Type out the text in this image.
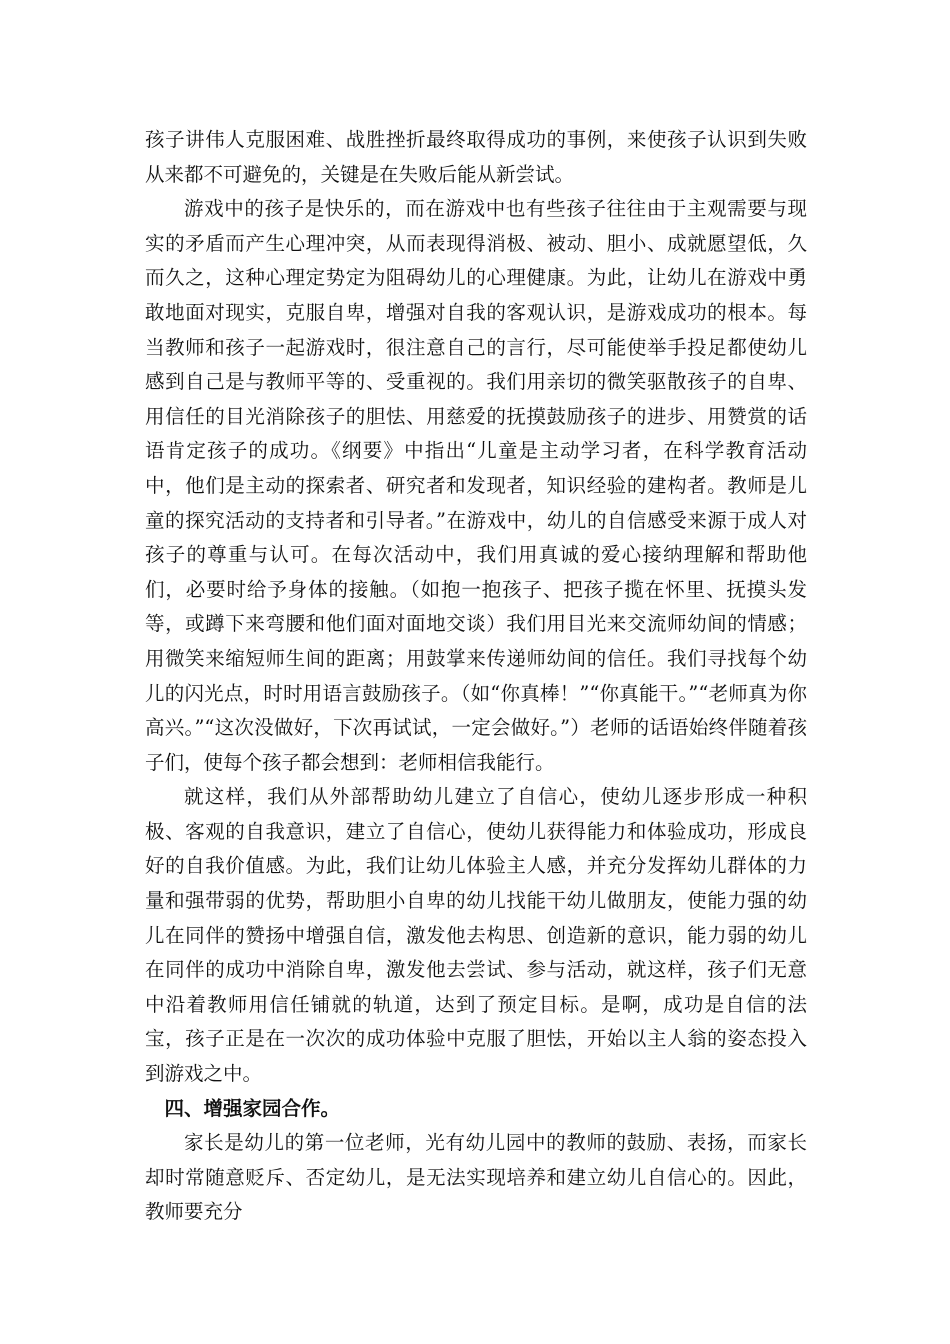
孩子讲伟人克服困难、战胜挫折最终取得成功的事例，来使孩子认识到失败从来都不可避免的，关键是在失败后能从新尝试。

游戏中的孩子是快乐的，而在游戏中也有些孩子往往由于主观需要与现实的矛盾而产生心理冲突，从而表现得消极、被动、胆小、成就愿望低，久而久之，这种心理定势定为阻碍幼儿的心理健康。为此，让幼儿在游戏中勇敢地面对现实，克服自卑，增强对自我的客观认识，是游戏成功的根本。每当教师和孩子一起游戏时，很注意自己的言行，尽可能使举手投足都使幼儿感到自己是与教师平等的、受重视的。我们用亲切的微笑驱散孩子的自卑、用信任的目光消除孩子的胆怯、用慈爱的抚摸鼓励孩子的进步、用赞赏的话语肯定孩子的成功。《纲要》中指出“儿童是主动学习者，在科学教育活动中，他们是主动的探索者、研究者和发现者，知识经验的建构者。教师是儿童的探究活动的支持者和引导者。”在游戏中，幼儿的自信感受来源于成人对孩子的尊重与认可。在每次活动中，我们用真诚的爱心接纳理解和帮助他们，必要时给予身体的接触。（如抱一抱孩子、把孩子揽在怀里、抚摸头发等，或蹲下来弯腰和他们面对面地交谈）我们用目光来交流师幼间的情感；用微笑来缩短师生间的距离；用鼓掌来传递师幼间的信任。我们寻找每个幼儿的闪光点，时时用语言鼓励孩子。（如“你真棒！”“你真能干。”“老师真为你高兴。”“这次没做好，下次再试试，一定会做好。”）老师的话语始终伴随着孩子们，使每个孩子都会想到：老师相信我能行。

就这样，我们从外部帮助幼儿建立了自信心，使幼儿逐步形成一种积极、客观的自我意识，建立了自信心，使幼儿获得能力和体验成功，形成良好的自我价值感。为此，我们让幼儿体验主人感，并充分发挥幼儿群体的力量和强带弱的优势，帮助胆小自卑的幼儿找能干幼儿做朋友，使能力强的幼儿在同伴的赞扬中增强自信，激发他去构思、创造新的意识，能力弱的幼儿在同伴的成功中消除自卑，激发他去尝试、参与活动，就这样，孩子们无意中沿着教师用信任铺就的轨道，达到了预定目标。是啊，成功是自信的法宝，孩子正是在一次次的成功体验中克服了胆怯，开始以主人翁的姿态投入到游戏之中。

四、增强家园合作。

家长是幼儿的第一位老师，光有幼儿园中的教师的鼓励、表扬，而家长却时常随意贬斥、否定幼儿，是无法实现培养和建立幼儿自信心的。因此，教师要充分
